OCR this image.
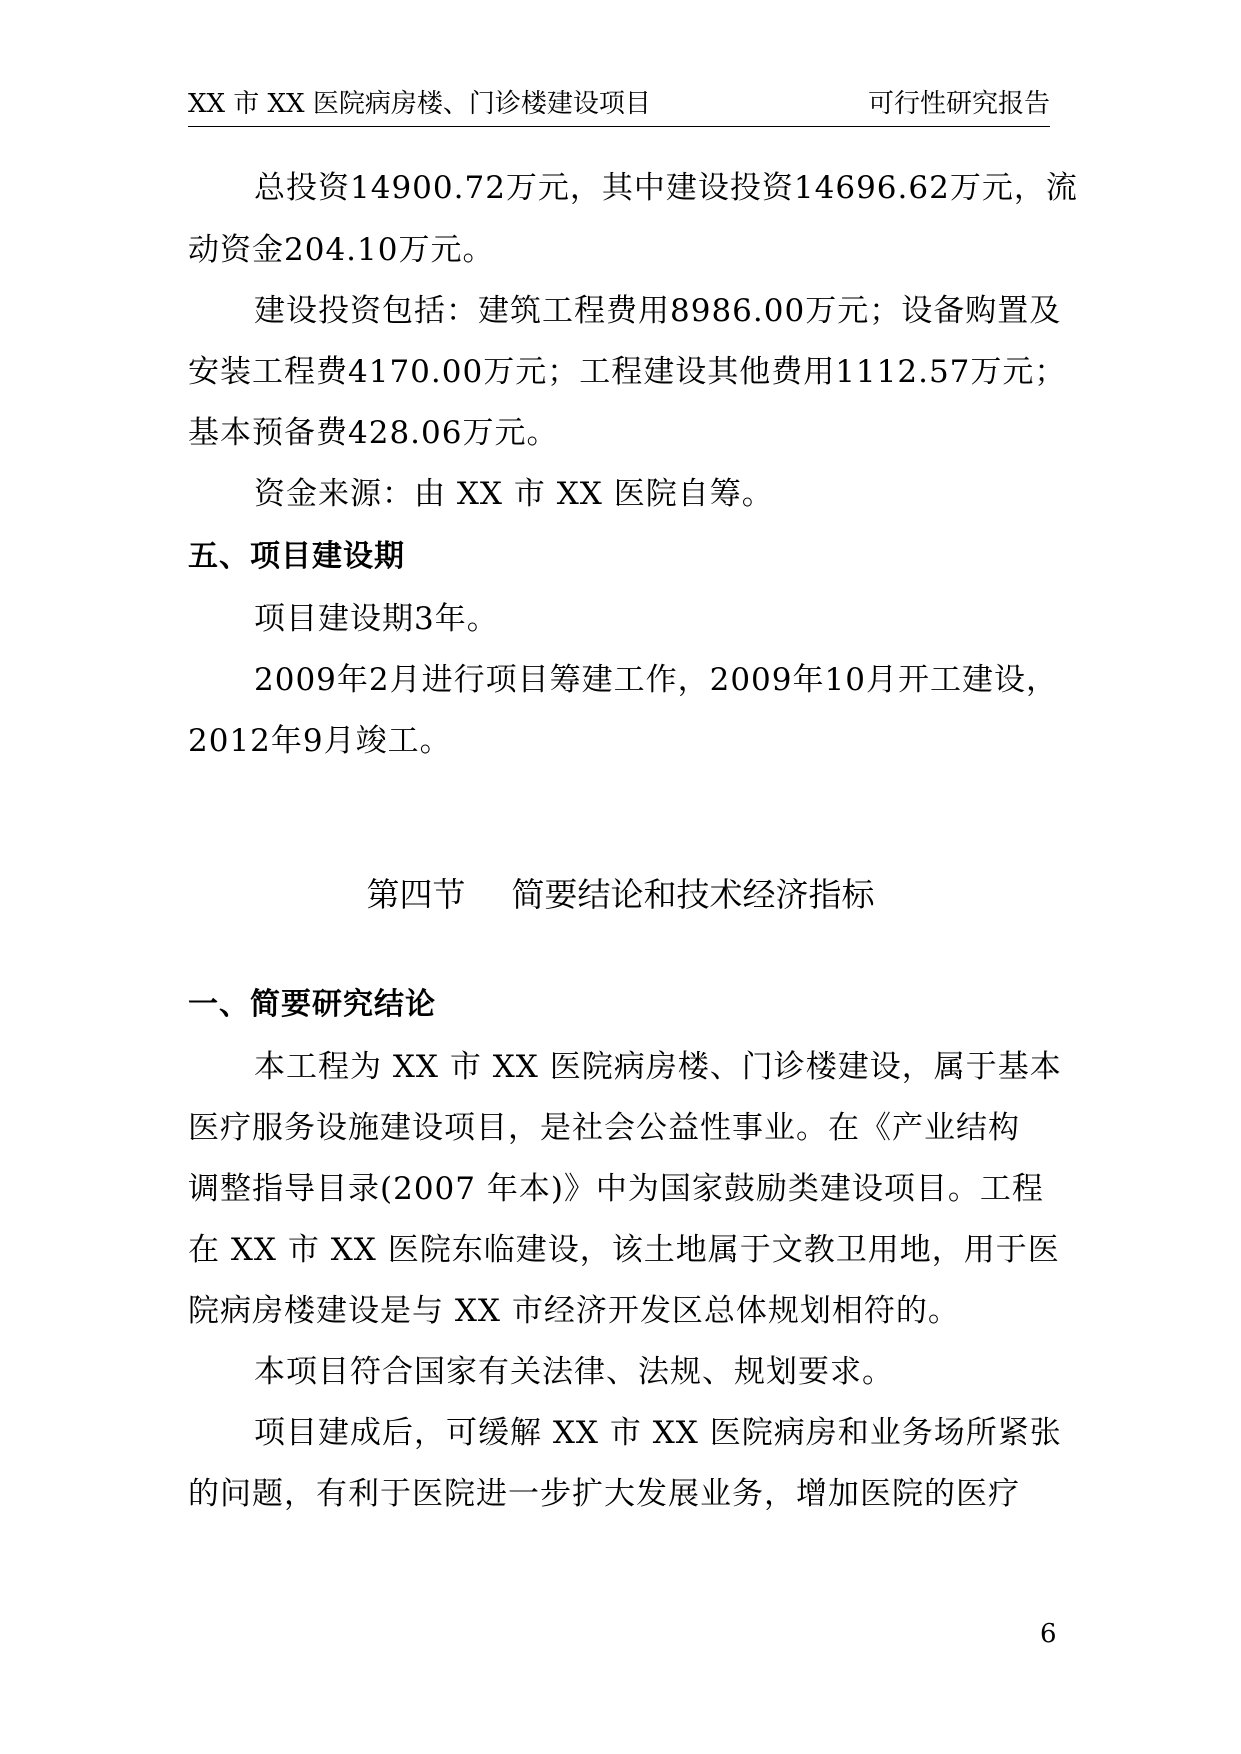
XX 市 XX 医院病房楼、门诊楼建设项目	可行性研究报告
总投资14900.72万元，其中建设投资14696.62万元，流
动资金204.10万元。
建设投资包括：建筑工程费用8986.00万元；设备购置及
安装工程费4170.00万元；工程建设其他费用1112.57万元；
基本预备费428.06万元。
资金来源：由 XX 市 XX 医院自筹。
五、项目建设期
项目建设期3年。
2009年2月进行项目筹建工作，2009年10月开工建设，
2012年9月竣工。
第四节 简要结论和技术经济指标
一、简要研究结论
本工程为 XX 市 XX 医院病房楼、门诊楼建设，属于基本
医疗服务设施建设项目，是社会公益性事业。在《产业结构
调整指导目录(2007 年本)》中为国家鼓励类建设项目。工程
在 XX 市 XX 医院东临建设，该土地属于文教卫用地，用于医
院病房楼建设是与 XX 市经济开发区总体规划相符的。
本项目符合国家有关法律、法规、规划要求。
项目建成后，可缓解 XX 市 XX 医院病房和业务场所紧张
的问题，有利于医院进一步扩大发展业务，增加医院的医疗
6
